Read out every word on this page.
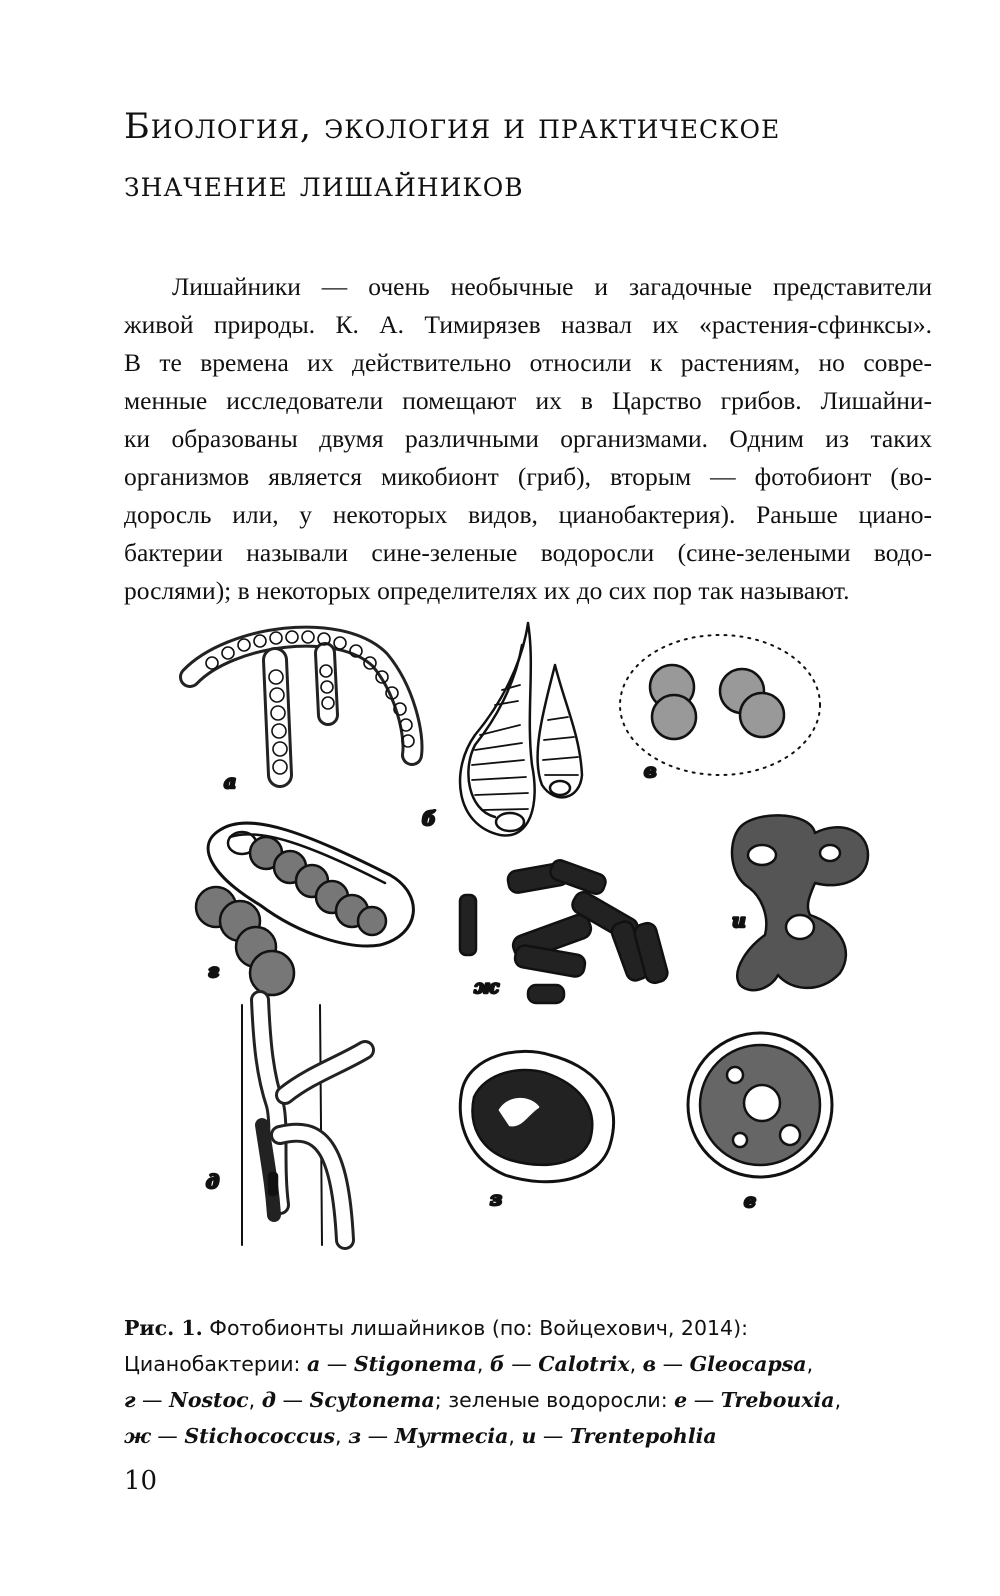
Биология, экология и практическое
значение лишайников

Лишайники — очень необычные и загадочные представители
живой природы. К. А. Тимирязев назвал их «растения-сфинксы».
В те времена их действительно относили к растениям, но совре-
менные исследователи помещают их в Царство грибов. Лишайни-
ки образованы двумя различными организмами. Одним из таких
организмов является микобионт (гриб), вторым — фотобионт (во-
доросль или, у некоторых видов, цианобактерия). Раньше циано-
бактерии называли сине-зеленые водоросли (сине-зелеными водо-
рослями); в некоторых определителях их до сих пор так называют.

а
б
в
г
ж
и
д
з	е

Рис. 1. Фотобионты лишайников (по: Войцехович, 2014):
Цианобактерии: а — Stigonema, б — Calotrix, в — Gleocapsa,
г — Nostoc, д — Scytonema; зеленые водоросли: е — Trebouxia,
ж — Stichococcus, з — Myrmecia, и — Trentepohlia

10
